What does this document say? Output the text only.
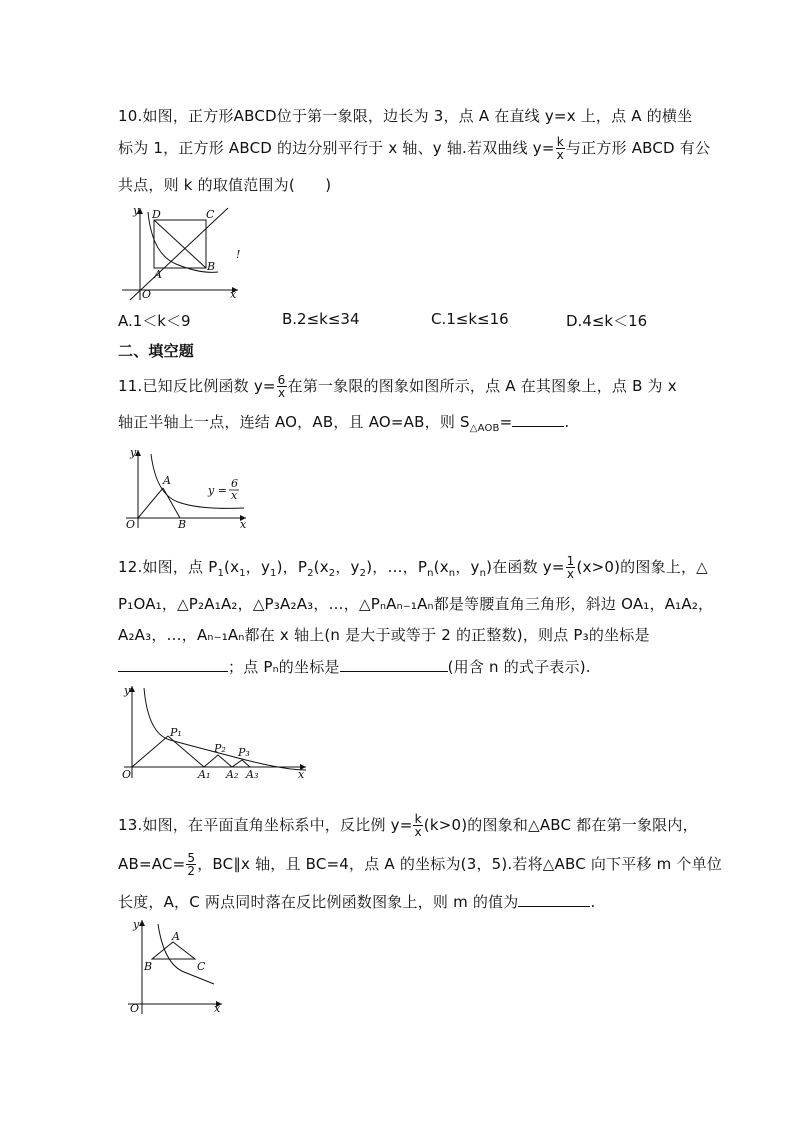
10.如图，正方形ABCD位于第一象限，边长为 3，点 A 在直线 y=x 上，点 A 的横坐
标为 1，正方形 ABCD 的边分别平行于 x 轴、y 轴.若双曲线 $y= \frac{k}{x}$ 与正方形 ABCD 有公
共点，则 k 的取值范围为(　　)
y
x
O
A
B
C
D
!
A.1＜k＜9	B.2≤k≤34	C.1≤k≤16	D.4≤k＜16
二、填空题
11.已知反比例函数 $y= \frac{6}{x}$ 在第一象限的图象如图所示，点 A 在其图象上，点 B 为 x
轴正半轴上一点，连结 AO，AB，且 AO=AB，则 $S_{\triangle AOB}=$	.
y
x
O
A
B
y =
6
x
12.如图，点 $P_1(x_1$，$y_1$)，$P_2(x_2$，$y_2$)，…，$P_n(x_n$，$y_n$)在函数 $y= \frac{1}{x} (x>0)$的图象上，△
P₁OA₁，△P₂A₁A₂，△P₃A₂A₃，…，△PₙAₙ₋₁Aₙ都是等腰直角三角形，斜边 OA₁，A₁A₂，
A₂A₃，…，Aₙ₋₁Aₙ都在 x 轴上(n 是大于或等于 2 的正整数)，则点 P₃的坐标是
；点 Pₙ的坐标是	(用含 n 的式子表示).
y
x
O
P₁
P₂ P₃
A₁ A₂ A₃
13.如图，在平面直角坐标系中，反比例 $y= \frac{k}{x} (k>0)$的图象和△ABC 都在第一象限内，
$AB=AC= \frac{5}{2}$ ，BC∥x 轴，且 BC=4，点 A 的坐标为(3，5).若将△ABC 向下平移 m 个单位
长度，A，C 两点同时落在反比例函数图象上，则 m 的值为	.
y
x
O
A
B	C
